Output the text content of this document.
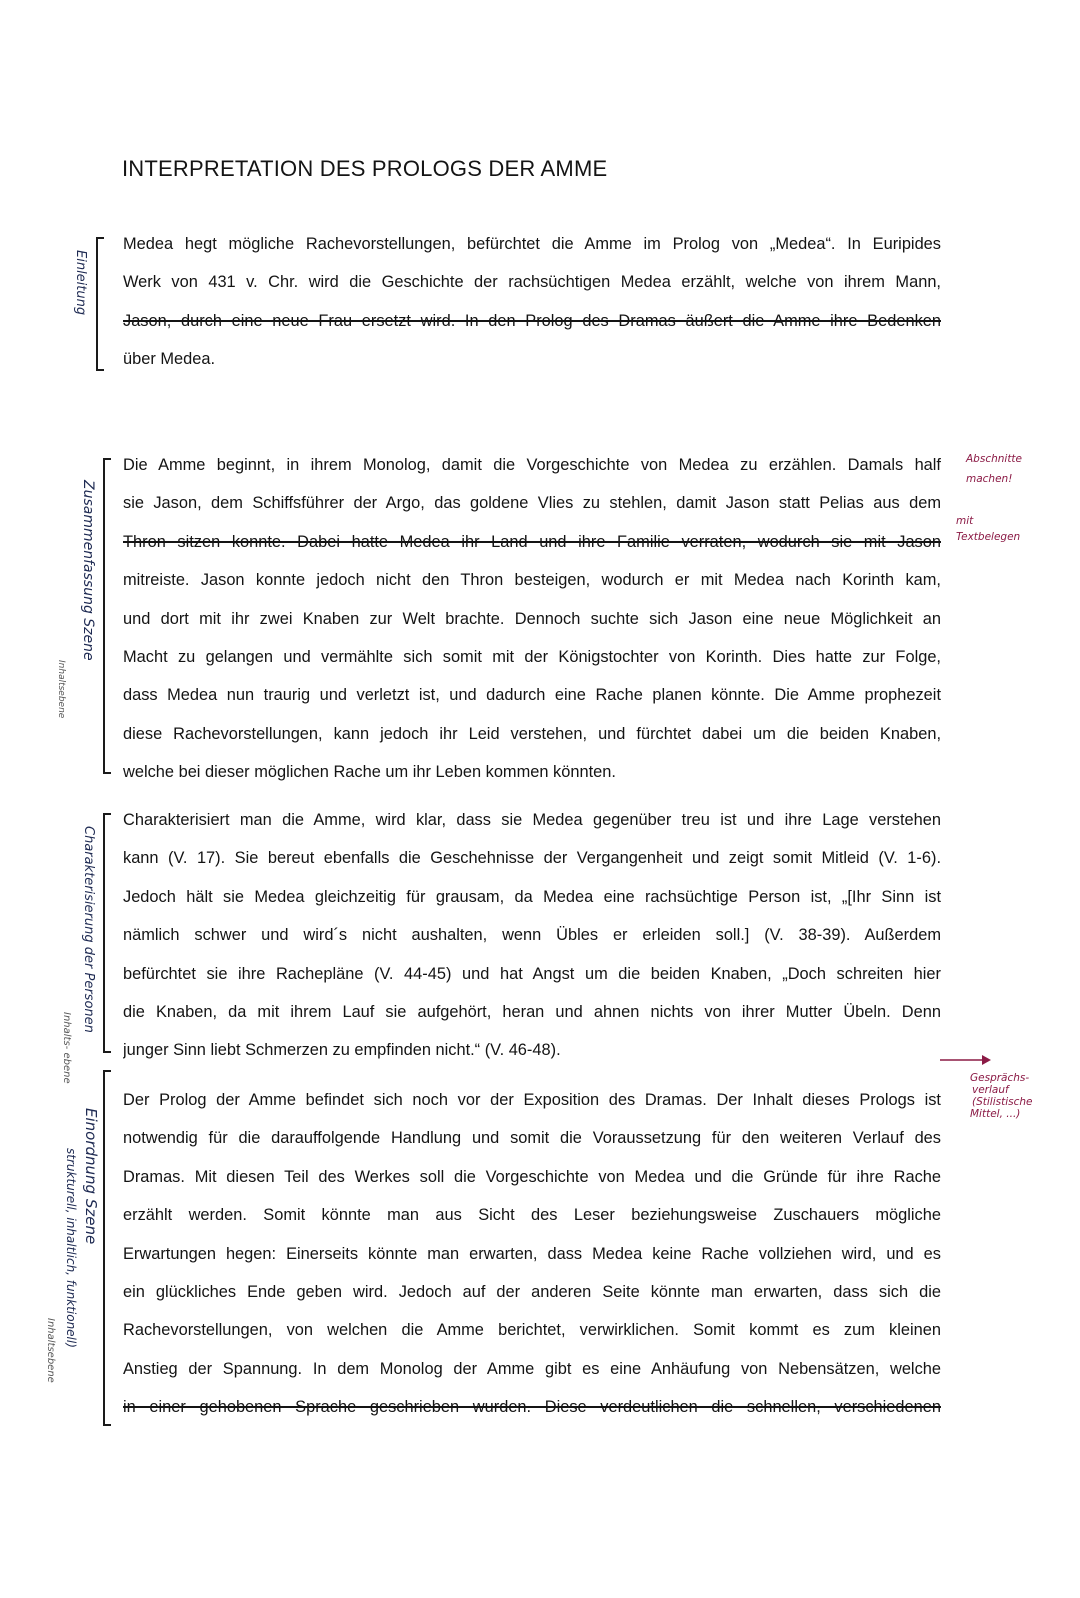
INTERPRETATION DES PROLOGS DER AMME
Medea hegt mögliche Rachevorstellungen, befürchtet die Amme im Prolog von „Medea“. In Euripides
Werk von 431 v. Chr. wird die Geschichte der rachsüchtigen Medea erzählt, welche von ihrem Mann,
Jason, durch eine neue Frau ersetzt wird. In den Prolog des Dramas äußert die Amme ihre Bedenken
über Medea.
Die Amme beginnt, in ihrem Monolog, damit die Vorgeschichte von Medea zu erzählen. Damals half
sie Jason, dem Schiffsführer der Argo, das goldene Vlies zu stehlen, damit Jason statt Pelias aus dem
Thron sitzen konnte. Dabei hatte Medea ihr Land und ihre Familie verraten, wodurch sie mit Jason
mitreiste. Jason konnte jedoch nicht den Thron besteigen, wodurch er mit Medea nach Korinth kam,
und dort mit ihr zwei Knaben zur Welt brachte. Dennoch suchte sich Jason eine neue Möglichkeit an
Macht zu gelangen und vermählte sich somit mit der Königstochter von Korinth. Dies hatte zur Folge,
dass Medea nun traurig und verletzt ist, und dadurch eine Rache planen könnte. Die Amme prophezeit
diese Rachevorstellungen, kann jedoch ihr Leid verstehen, und fürchtet dabei um die beiden Knaben,
welche bei dieser möglichen Rache um ihr Leben kommen könnten.
Charakterisiert man die Amme, wird klar, dass sie Medea gegenüber treu ist und ihre Lage verstehen
kann (V. 17). Sie bereut ebenfalls die Geschehnisse der Vergangenheit und zeigt somit Mitleid (V. 1-6).
Jedoch hält sie Medea gleichzeitig für grausam, da Medea eine rachsüchtige Person ist, „[Ihr Sinn ist
nämlich schwer und wird´s nicht aushalten, wenn Übles er erleiden soll.] (V. 38-39). Außerdem
befürchtet sie ihre Rachepläne (V. 44-45) und hat Angst um die beiden Knaben, „Doch schreiten hier
die Knaben, da mit ihrem Lauf sie aufgehört, heran und ahnen nichts von ihrer Mutter Übeln. Denn
junger Sinn liebt Schmerzen zu empfinden nicht.“ (V. 46-48).
Der Prolog der Amme befindet sich noch vor der Exposition des Dramas. Der Inhalt dieses Prologs ist
notwendig für die darauffolgende Handlung und somit die Voraussetzung für den weiteren Verlauf des
Dramas. Mit diesen Teil des Werkes soll die Vorgeschichte von Medea und die Gründe für ihre Rache
erzählt werden. Somit könnte man aus Sicht des Leser beziehungsweise Zuschauers mögliche
Erwartungen hegen: Einerseits könnte man erwarten, dass Medea keine Rache vollziehen wird, und es
ein glückliches Ende geben wird. Jedoch auf der anderen Seite könnte man erwarten, dass sich die
Rachevorstellungen, von welchen die Amme berichtet, verwirklichen. Somit kommt es zum kleinen
Anstieg der Spannung. In dem Monolog der Amme gibt es eine Anhäufung von Nebensätzen, welche
in einer gehobenen Sprache geschrieben wurden. Diese verdeutlichen die schnellen, verschiedenen
Einleitung
Zusammenfassung Szene
Inhaltsebene
Charakterisierung der Personen
Inhalts- ebene
Einordnung Szene
strukturell, inhaltlich, funktionell)
Inhaltsebene
Abschnitte
machen!
mit
Textbelegen
Gesprächs-
verlauf
(Stilistische
Mittel, ...)
